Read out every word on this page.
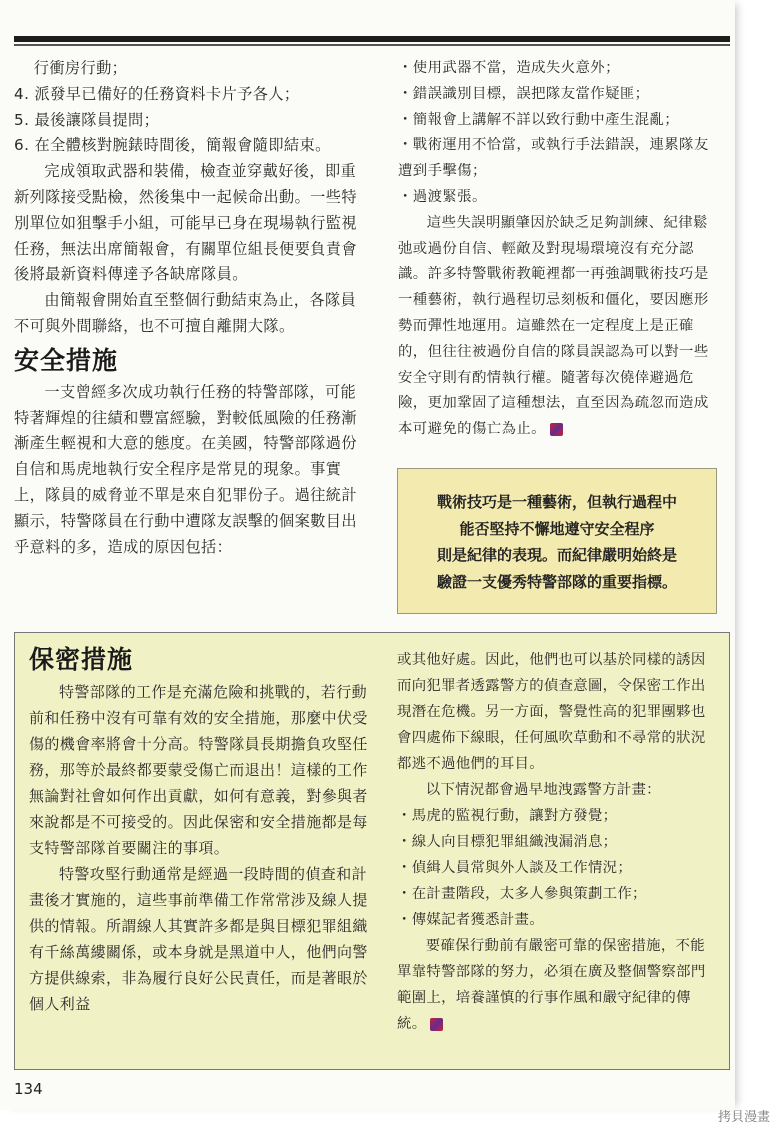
行衝房行動；

4. 派發早已備好的任務資料卡片予各人；

5. 最後讓隊員提問；

6. 在全體核對腕錶時間後，簡報會隨即結束。

完成領取武器和裝備，檢查並穿戴好後，即重新列隊接受點檢，然後集中一起候命出動。一些特別單位如狙擊手小組，可能早已身在現場執行監視任務，無法出席簡報會，有關單位組長便要負責會後將最新資料傳達予各缺席隊員。

由簡報會開始直至整個行動結束為止，各隊員不可與外間聯絡，也不可擅自離開大隊。

安全措施

一支曾經多次成功執行任務的特警部隊，可能特著輝煌的往績和豐富經驗，對較低風險的任務漸漸產生輕視和大意的態度。在美國，特警部隊過份自信和馬虎地執行安全程序是常見的現象。事實上，隊員的威脅並不單是來自犯罪份子。過往統計顯示，特警隊員在行動中遭隊友誤擊的個案數目出乎意料的多，造成的原因包括：

・使用武器不當，造成失火意外；

・錯誤識別目標，誤把隊友當作疑匪；

・簡報會上講解不詳以致行動中產生混亂；

・戰術運用不恰當，或執行手法錯誤，連累隊友遭到手擊傷；

・過渡緊張。

這些失誤明顯肇因於缺乏足夠訓練、紀律鬆弛或過份自信、輕敵及對現場環境沒有充分認識。許多特警戰術教範裡都一再強調戰術技巧是一種藝術，執行過程切忌刻板和僵化，要因應形勢而彈性地運用。這雖然在一定程度上是正確的，但往往被過份自信的隊員誤認為可以對一些安全守則有酌情執行權。隨著每次僥倖避過危險，更加鞏固了這種想法，直至因為疏忽而造成本可避免的傷亡為止。

戰術技巧是一種藝術，但執行過程中
能否堅持不懈地遵守安全程序
則是紀律的表現。而紀律嚴明始終是
驗證一支優秀特警部隊的重要指標。
保密措施

特警部隊的工作是充滿危險和挑戰的，若行動前和任務中沒有可靠有效的安全措施，那麼中伏受傷的機會率將會十分高。特警隊員長期擔負攻堅任務，那等於最終都要蒙受傷亡而退出！這樣的工作無論對社會如何作出貢獻，如何有意義，對參與者來說都是不可接受的。因此保密和安全措施都是每支特警部隊首要關注的事項。

特警攻堅行動通常是經過一段時間的偵查和計畫後才實施的，這些事前準備工作常常涉及線人提供的情報。所謂線人其實許多都是與目標犯罪組織有千絲萬縷關係，或本身就是黑道中人，他們向警方提供線索，非為履行良好公民責任，而是著眼於個人利益

或其他好處。因此，他們也可以基於同樣的誘因而向犯罪者透露警方的偵查意圖，令保密工作出現潛在危機。另一方面，警覺性高的犯罪團夥也會四處佈下線眼，任何風吹草動和不尋常的狀況都逃不過他們的耳目。

以下情況都會過早地洩露警方計畫：

・馬虎的監視行動，讓對方發覺；

・線人向目標犯罪組織洩漏消息；

・偵緝人員常與外人談及工作情況；

・在計畫階段，太多人參與策劃工作；

・傳媒記者獲悉計畫。

要確保行動前有嚴密可靠的保密措施，不能單靠特警部隊的努力，必須在廣及整個警察部門範圍上，培養謹慎的行事作風和嚴守紀律的傳統。

134
拷貝漫畫
